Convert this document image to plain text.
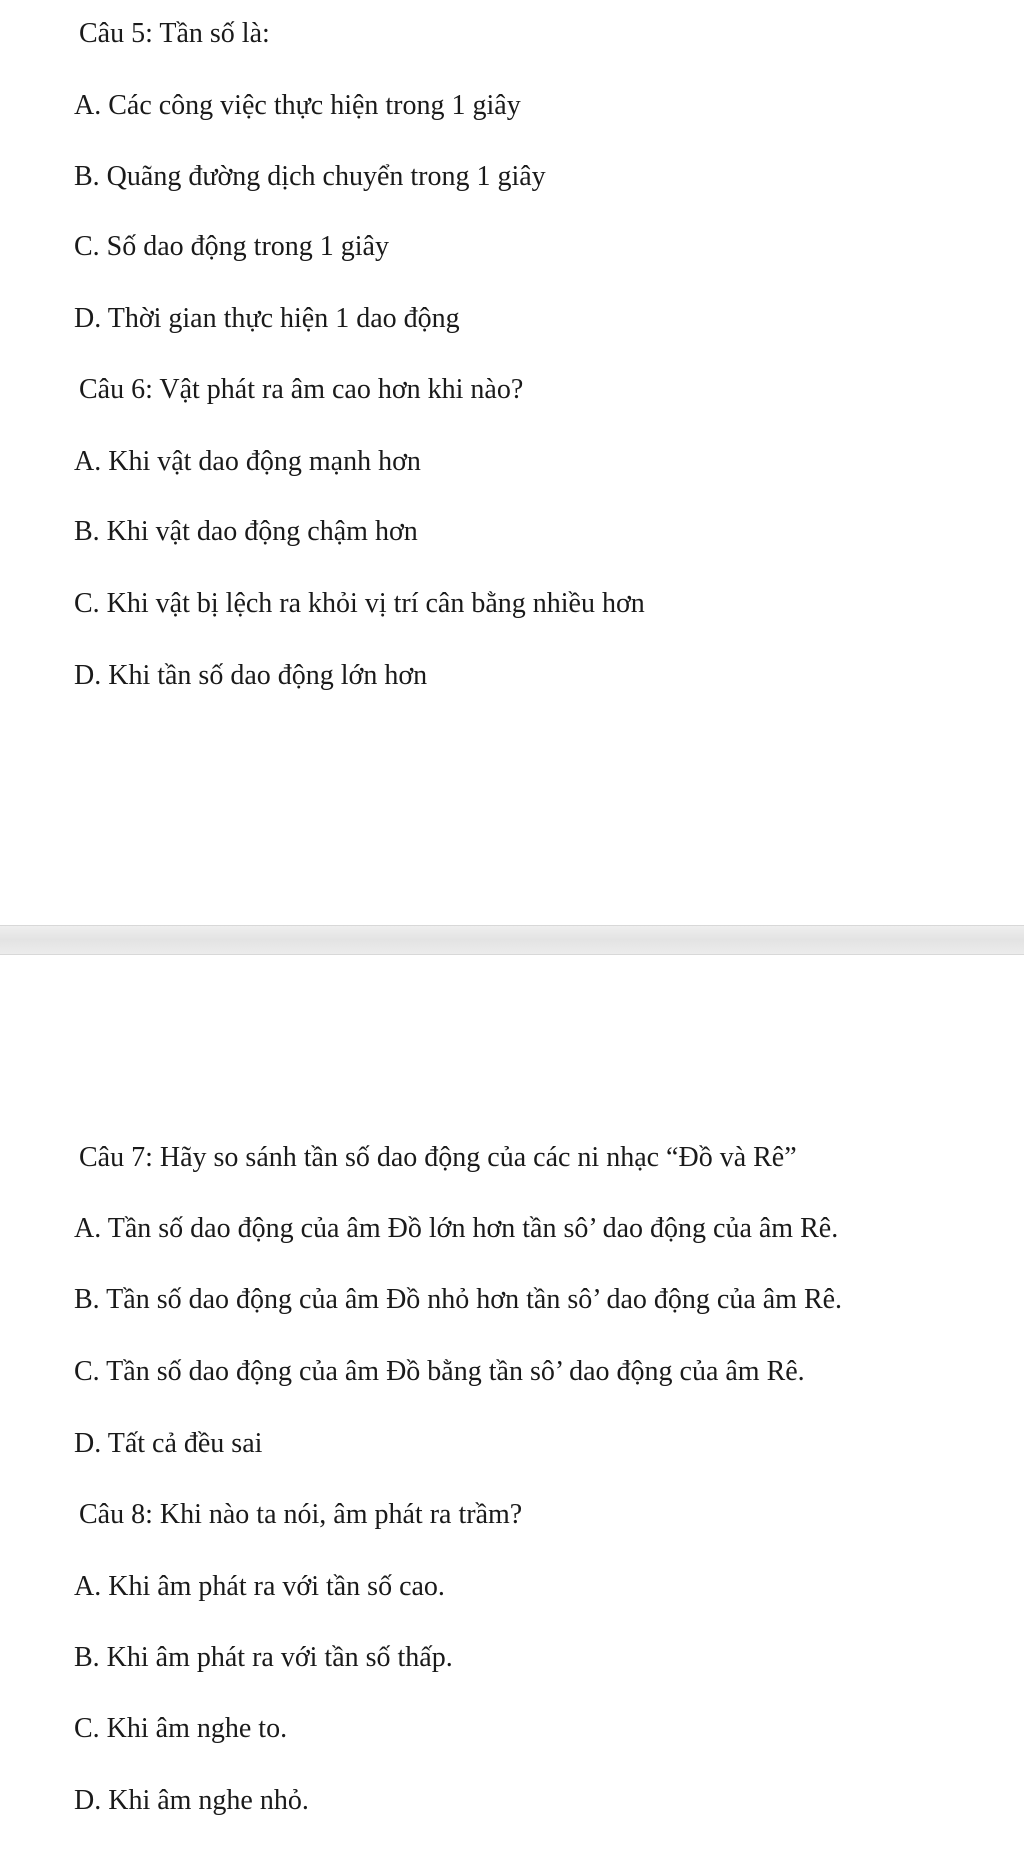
Câu 5: Tần số là:
A. Các công việc thực hiện trong 1 giây
B. Quãng đường dịch chuyển trong 1 giây
C. Số dao động trong 1 giây
D. Thời gian thực hiện 1 dao động
Câu 6: Vật phát ra âm cao hơn khi nào?
A. Khi vật dao động mạnh hơn
B. Khi vật dao động chậm hơn
C. Khi vật bị lệch ra khỏi vị trí cân bằng nhiều hơn
D. Khi tần số dao động lớn hơn
Câu 7: Hãy so sánh tần số dao động của các ni nhạc “Đồ và Rê”
A. Tần số dao động của âm Đồ lớn hơn tần sô’ dao động của âm Rê.
B. Tần số dao động của âm Đồ nhỏ hơn tần sô’ dao động của âm Rê.
C. Tần số dao động của âm Đồ bằng tần sô’ dao động của âm Rê.
D. Tất cả đều sai
Câu 8: Khi nào ta nói, âm phát ra trầm?
A. Khi âm phát ra với tần số cao.
B. Khi âm phát ra với tần số thấp.
C. Khi âm nghe to.
D. Khi âm nghe nhỏ.
